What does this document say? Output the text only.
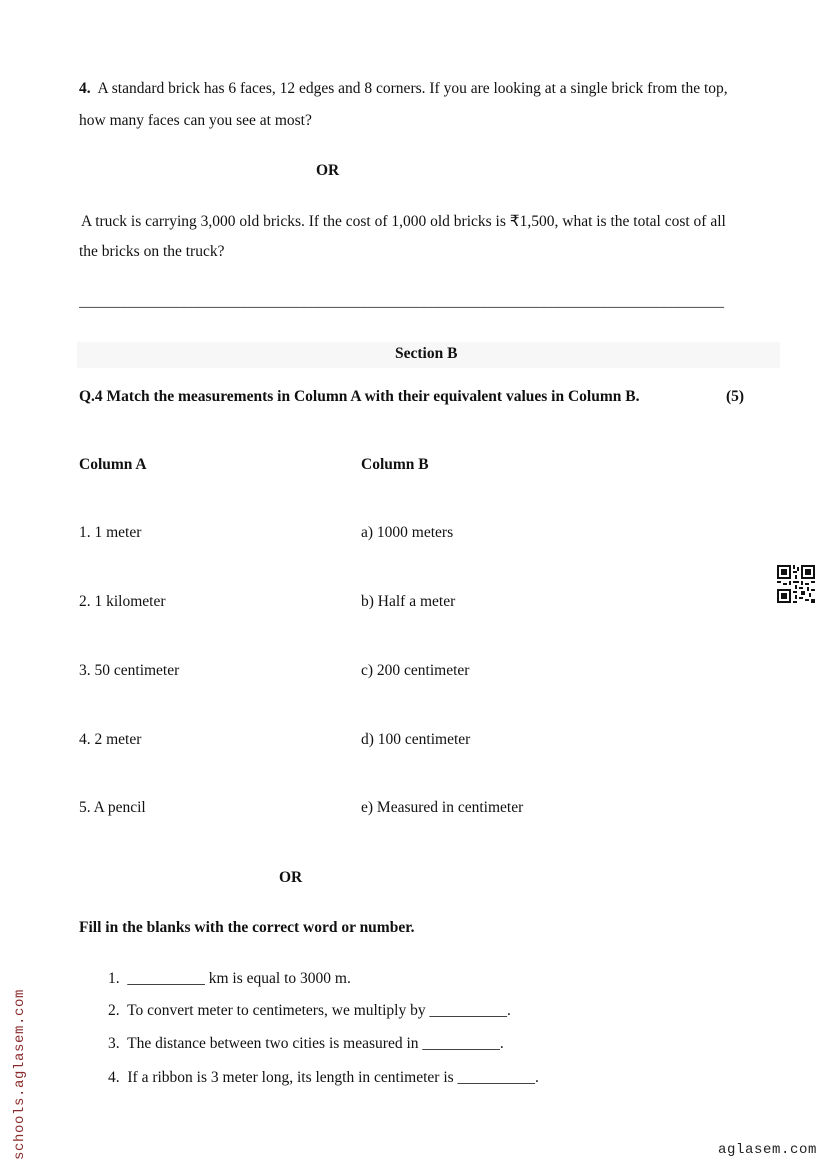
4. A standard brick has 6 faces, 12 edges and 8 corners. If you are looking at a single brick from the top,
how many faces can you see at most?
OR
A truck is carrying 3,000 old bricks. If the cost of 1,000 old bricks is ₹1,500, what is the total cost of all
the bricks on the truck?
______________________________________________________________________________________
Section B
Q.4 Match the measurements in Column A with their equivalent values in Column B.	(5)
Column A	Column B
1. 1 meter	a) 1000 meters
2. 1 kilometer	b) Half a meter
3. 50 centimeter	c) 200 centimeter
4. 2 meter	d) 100 centimeter
5. A pencil	e) Measured in centimeter
OR
Fill in the blanks with the correct word or number.
1. __________ km is equal to 3000 m.
2. To convert meter to centimeters, we multiply by __________.
3. The distance between two cities is measured in __________.
4. If a ribbon is 3 meter long, its length in centimeter is __________.
schools.aglasem.com	aglasem.com
